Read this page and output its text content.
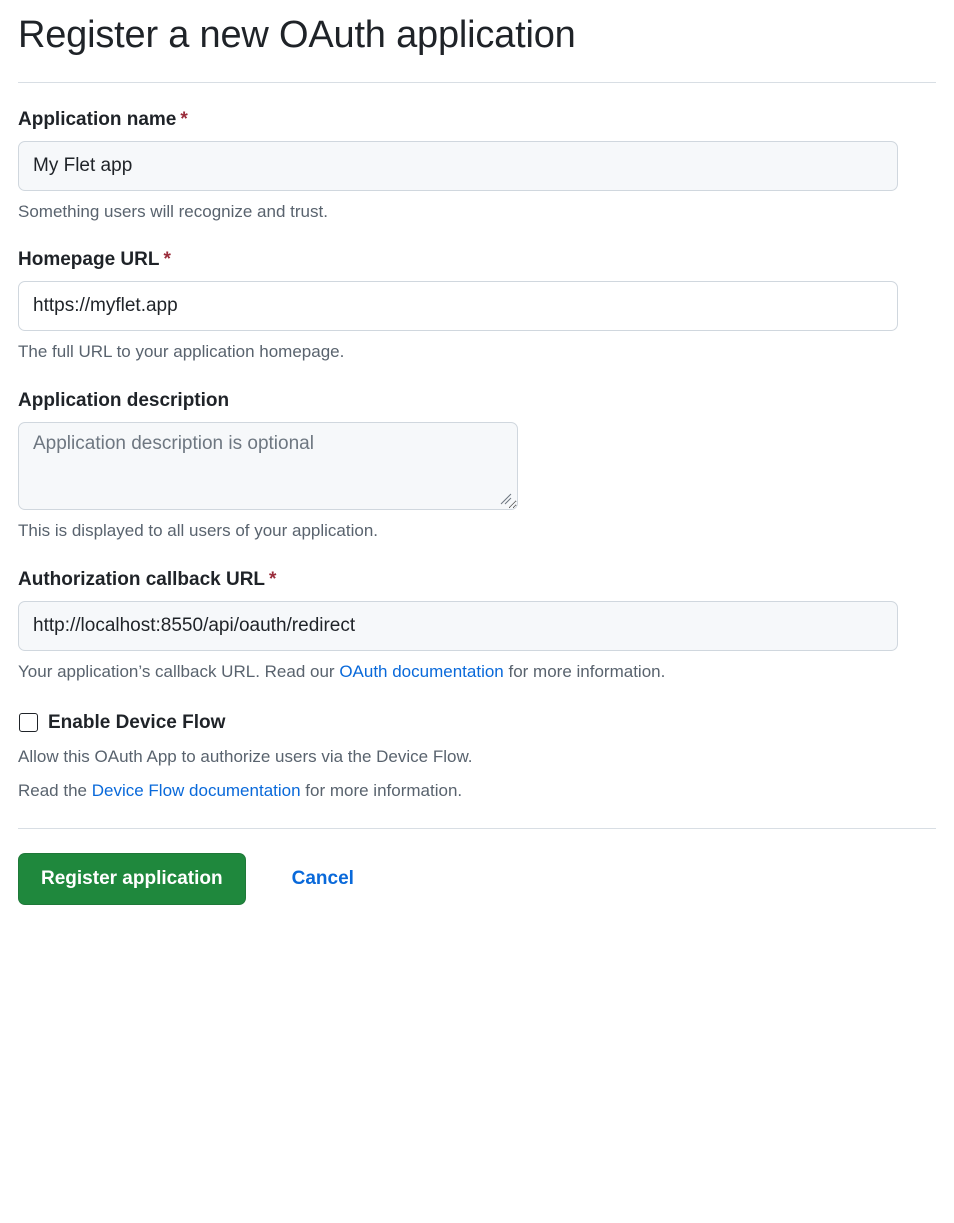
Register a new OAuth application
Application name *
My Flet app

Something users will recognize and trust.

Homepage URL *
https://myflet.app

The full URL to your application homepage.

Application description
Application description is optional

This is displayed to all users of your application.

Authorization callback URL *
http://localhost:8550/api/oauth/redirect

Your application’s callback URL. Read our OAuth documentation for more information.

Enable Device Flow

Allow this OAuth App to authorize users via the Device Flow.

Read the Device Flow documentation for more information.

Register application	Cancel
